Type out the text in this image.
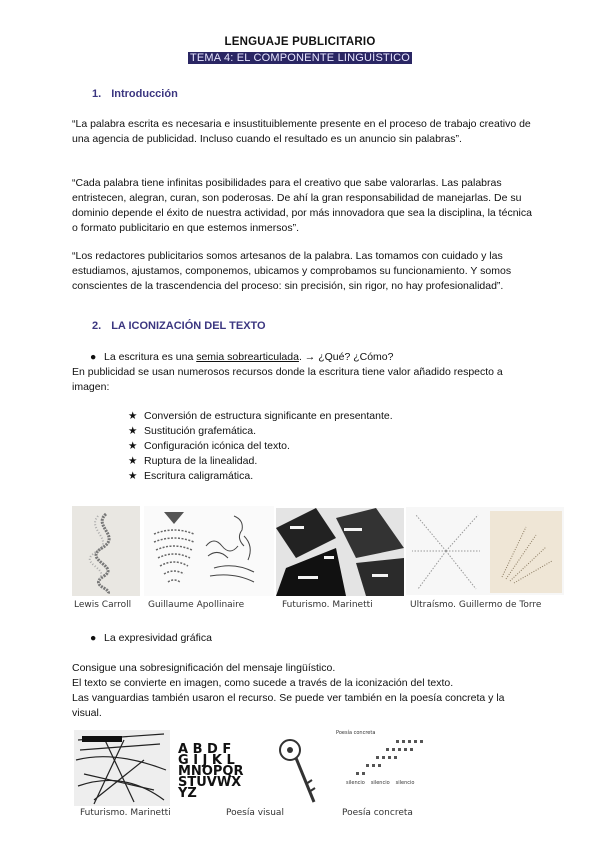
LENGUAJE PUBLICITARIO
TEMA 4: EL COMPONENTE LINGÜÍSTICO
1. Introducción

“La palabra escrita es necesaria e insustituiblemente presente en el proceso de trabajo creativo de una agencia de publicidad. Incluso cuando el resultado es un anuncio sin palabras”.

“Cada palabra tiene infinitas posibilidades para el creativo que sabe valorarlas. Las palabras entristecen, alegran, curan, son poderosas. De ahí la gran responsabilidad de manejarlas. De su dominio depende el éxito de nuestra actividad, por más innovadora que sea la disciplina, la técnica o formato publicitario en que estemos inmersos”.

“Los redactores publicitarios somos artesanos de la palabra. Las tomamos con cuidado y las estudiamos, ajustamos, componemos, ubicamos y comprobamos su funcionamiento. Y somos conscientes de la trascendencia del proceso: sin precisión, sin rigor, no hay profesionalidad”.

2. LA ICONIZACIÓN DEL TEXTO
● La escritura es una semia sobrearticulada. → ¿Qué? ¿Cómo?

En publicidad se usan numerosos recursos donde la escritura tiene valor añadido respecto a imagen:

★ Conversión de estructura significante en presentante.
★ Sustitución grafemática.
★ Configuración icónica del texto.
★ Ruptura de la linealidad.
★ Escritura caligramática.
Lewis Carroll Guillaume Apollinaire	Futurismo. Marinetti	Ultraísmo. Guillermo de Torre
● La expresividad gráfica

Consigue una sobresignificación del mensaje lingüístico.
El texto se convierte en imagen, como sucede a través de la iconización del texto.
Las vanguardias también usaron el recurso. Se puede ver también en la poesía concreta y la visual.

A B D F
G I J K L
MNOPQR
STUVWX
YZ
Poesía concreta
silencio silencio silencio
Futurismo. Marinetti	Poesía visual	Poesía concreta
